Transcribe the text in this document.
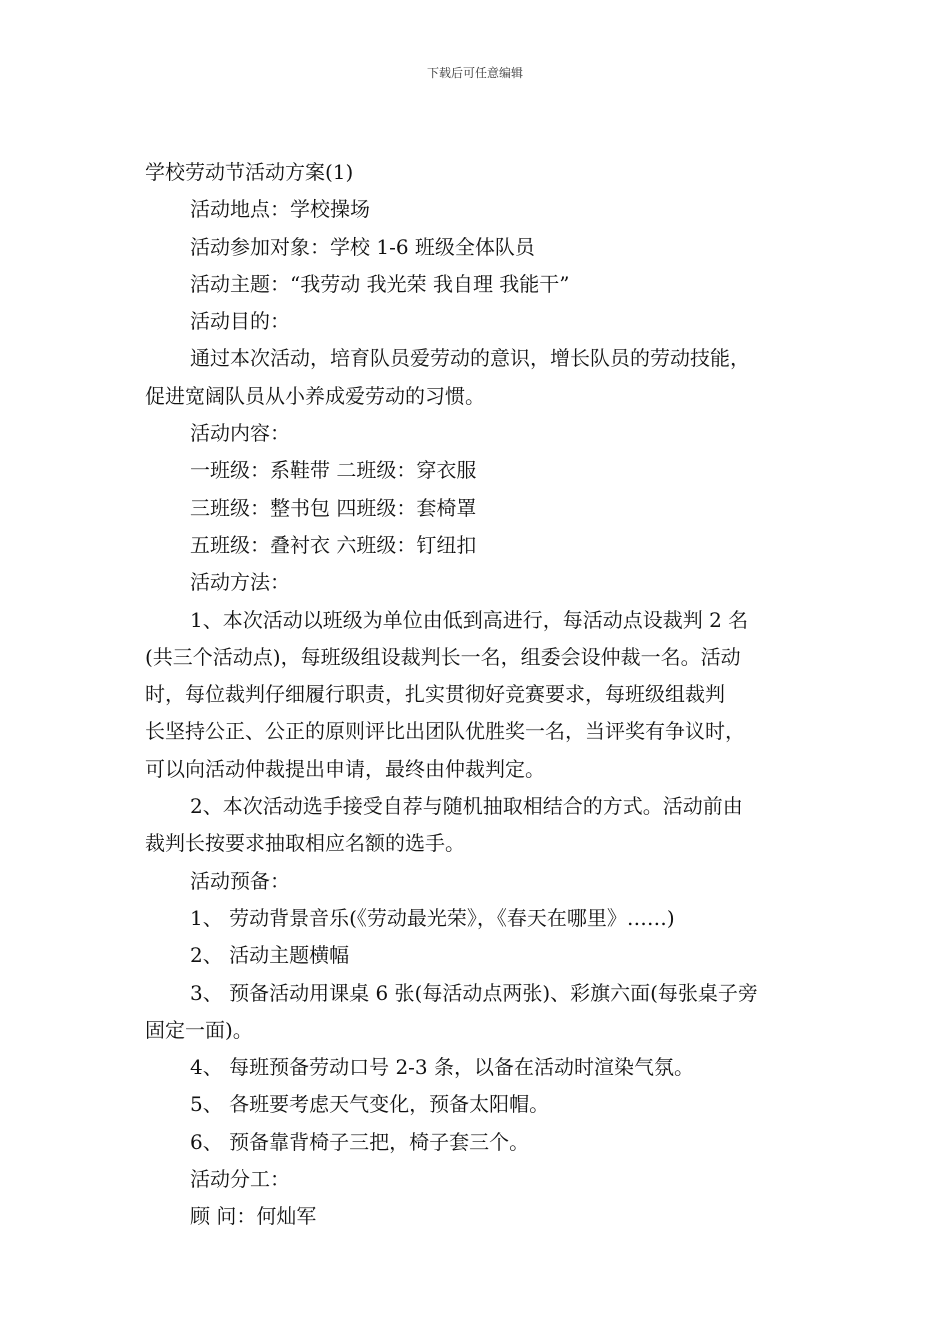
下载后可任意编辑
学校劳动节活动方案(1)
活动地点：学校操场
活动参加对象：学校 1-6 班级全体队员
活动主题：“我劳动 我光荣 我自理 我能干”
活动目的：
通过本次活动，培育队员爱劳动的意识，增长队员的劳动技能，
促进宽阔队员从小养成爱劳动的习惯。
活动内容：
一班级：系鞋带 二班级：穿衣服
三班级：整书包 四班级：套椅罩
五班级：叠衬衣 六班级：钉纽扣
活动方法：
1、本次活动以班级为单位由低到高进行，每活动点设裁判 2 名
(共三个活动点)，每班级组设裁判长一名，组委会设仲裁一名。活动
时，每位裁判仔细履行职责，扎实贯彻好竞赛要求，每班级组裁判
长坚持公正、公正的原则评比出团队优胜奖一名，当评奖有争议时，
可以向活动仲裁提出申请，最终由仲裁判定。
2、本次活动选手接受自荐与随机抽取相结合的方式。活动前由
裁判长按要求抽取相应名额的选手。
活动预备：
1、 劳动背景音乐(《劳动最光荣》，《春天在哪里》……)
2、 活动主题横幅
3、 预备活动用课桌 6 张(每活动点两张)、彩旗六面(每张桌子旁
固定一面)。
4、 每班预备劳动口号 2-3 条，以备在活动时渲染气氛。
5、 各班要考虑天气变化，预备太阳帽。
6、 预备靠背椅子三把，椅子套三个。
活动分工：
顾 问：何灿军
